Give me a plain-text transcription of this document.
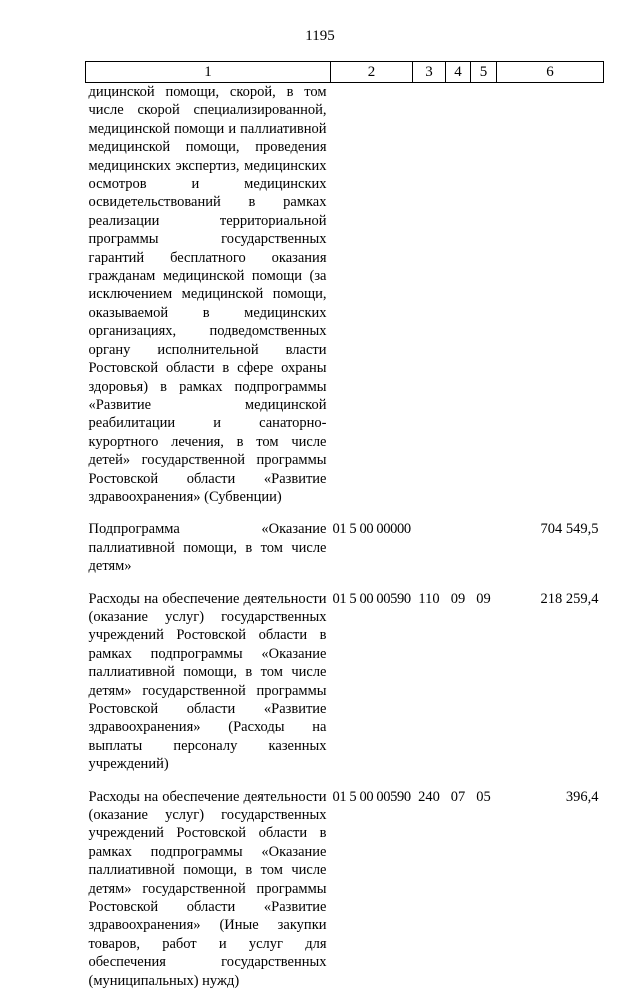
1195
1	2	3	4	5	6
дицинской помощи, скорой, в том числе скорой специализированной, медицинской помощи и паллиативной медицинской помощи, проведения медицинских экспертиз, медицинских осмотров и медицинских освидетельствований в рамках реализации территориальной программы государственных гарантий бесплатного оказания гражданам медицинской помощи (за исключением медицинской помощи, оказываемой в медицинских организациях, подведомственных органу исполнительной власти Ростовской области в сфере охраны здоровья) в рамках подпрограммы «Развитие медицинской реабилитации и санаторно-курортного лечения, в том числе детей» государственной программы Ростовской области «Развитие здравоохранения» (Субвенции)					

Подпрограмма «Оказание паллиативной помощи, в том числе детям»	01 5 00 00000				704 549,5

Расходы на обеспечение деятельности (оказание услуг) государственных учреждений Ростовской области в рамках подпрограммы «Оказание паллиативной помощи, в том числе детям» государственной программы Ростовской области «Развитие здравоохранения» (Расходы на выплаты персоналу казенных учреждений)	01 5 00 00590	110	09	09	218 259,4

Расходы на обеспечение деятельности (оказание услуг) государственных учреждений Ростовской области в рамках подпрограммы «Оказание паллиативной помощи, в том числе детям» государственной программы Ростовской области «Развитие здравоохранения» (Иные закупки товаров, работ и услуг для обеспечения государственных (муниципальных) нужд)	01 5 00 00590	240	07	05	396,4
